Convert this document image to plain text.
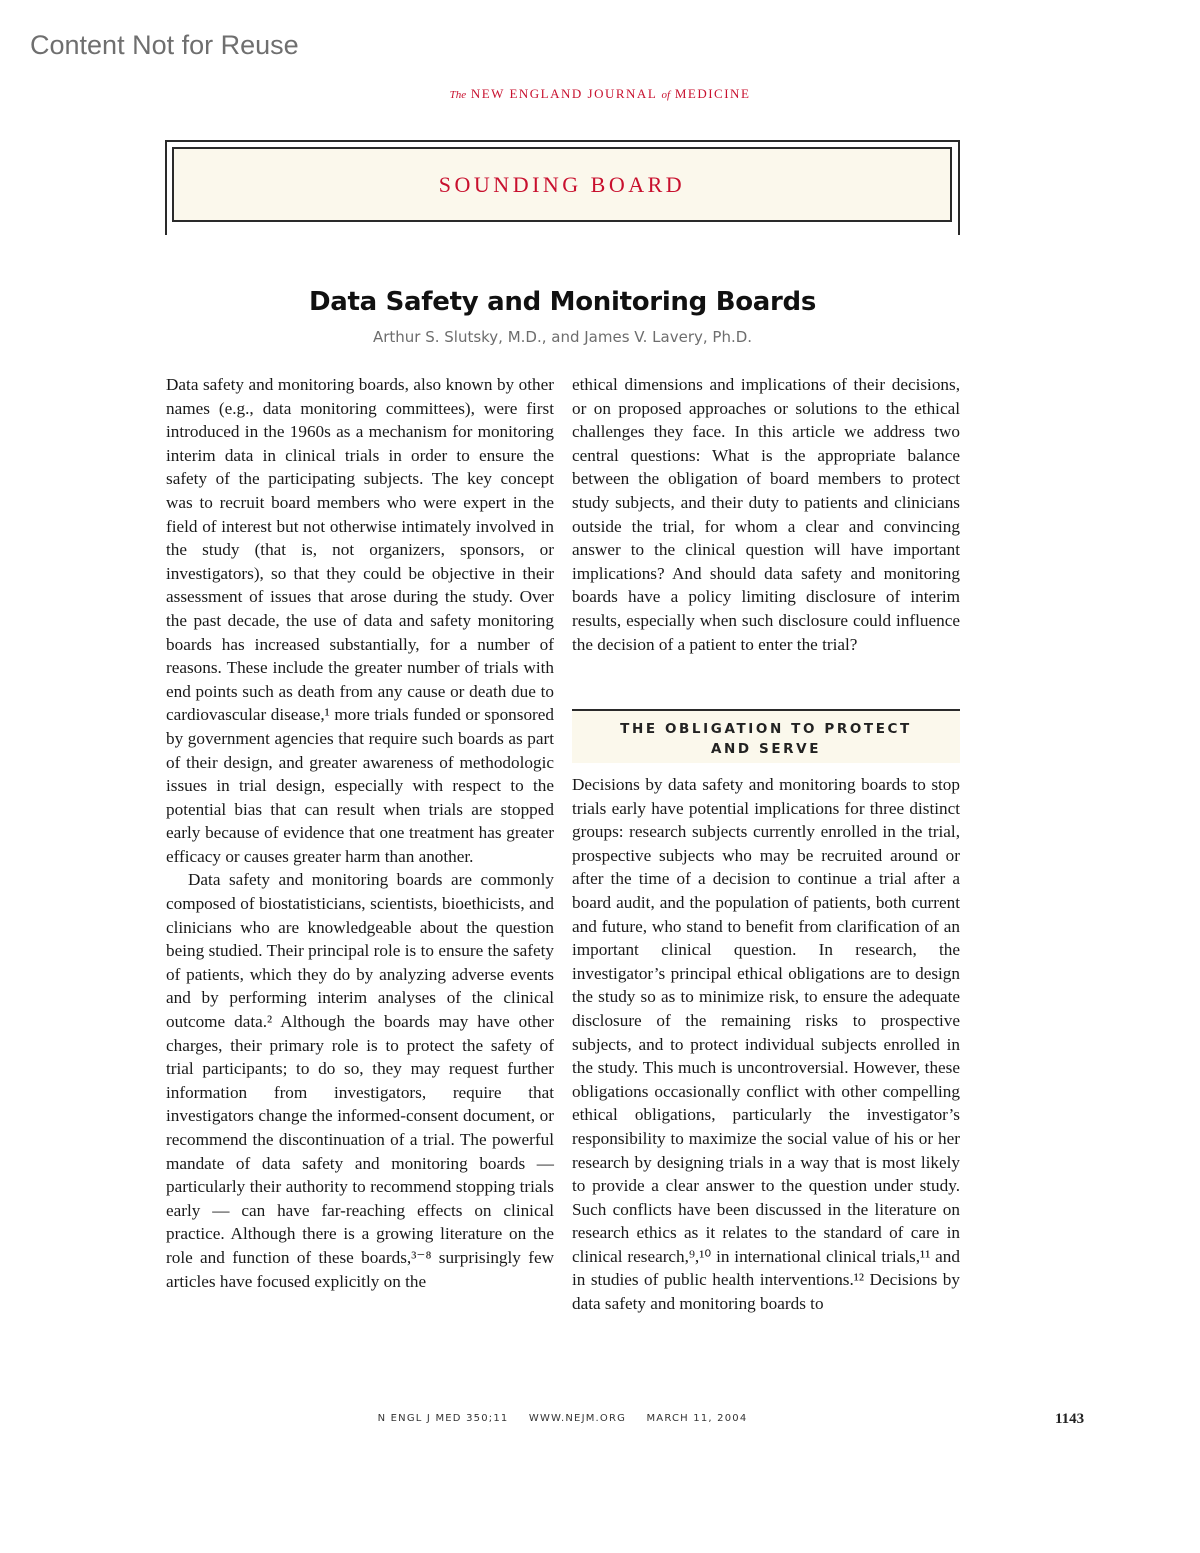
Content Not for Reuse
The NEW ENGLAND JOURNAL of MEDICINE
SOUNDING BOARD
Data Safety and Monitoring Boards
Arthur S. Slutsky, M.D., and James V. Lavery, Ph.D.

Data safety and monitoring boards, also known by other names (e.g., data monitoring committees), were first introduced in the 1960s as a mechanism for monitoring interim data in clinical trials in order to ensure the safety of the participating subjects. The key concept was to recruit board members who were expert in the field of interest but not otherwise intimately involved in the study (that is, not organizers, sponsors, or investigators), so that they could be objective in their assessment of issues that arose during the study. Over the past decade, the use of data and safety monitoring boards has increased substantially, for a number of reasons. These include the greater number of trials with end points such as death from any cause or death due to cardiovascular disease,¹ more trials funded or sponsored by government agencies that require such boards as part of their design, and greater awareness of methodologic issues in trial design, especially with respect to the potential bias that can result when trials are stopped early because of evidence that one treatment has greater efficacy or causes greater harm than another.

Data safety and monitoring boards are commonly composed of biostatisticians, scientists, bioethicists, and clinicians who are knowledgeable about the question being studied. Their principal role is to ensure the safety of patients, which they do by analyzing adverse events and by performing interim analyses of the clinical outcome data.² Although the boards may have other charges, their primary role is to protect the safety of trial participants; to do so, they may request further information from investigators, require that investigators change the informed-consent document, or recommend the discontinuation of a trial. The powerful mandate of data safety and monitoring boards — particularly their authority to recommend stopping trials early — can have far-reaching effects on clinical practice. Although there is a growing literature on the role and function of these boards,³⁻⁸ surprisingly few articles have focused explicitly on the

ethical dimensions and implications of their decisions, or on proposed approaches or solutions to the ethical challenges they face. In this article we address two central questions: What is the appropriate balance between the obligation of board members to protect study subjects, and their duty to patients and clinicians outside the trial, for whom a clear and convincing answer to the clinical question will have important implications? And should data safety and monitoring boards have a policy limiting disclosure of interim results, especially when such disclosure could influence the decision of a patient to enter the trial?

THE OBLIGATION TO PROTECT
AND SERVE

Decisions by data safety and monitoring boards to stop trials early have potential implications for three distinct groups: research subjects currently enrolled in the trial, prospective subjects who may be recruited around or after the time of a decision to continue a trial after a board audit, and the population of patients, both current and future, who stand to benefit from clarification of an important clinical question. In research, the investigator’s principal ethical obligations are to design the study so as to minimize risk, to ensure the adequate disclosure of the remaining risks to prospective subjects, and to protect individual subjects enrolled in the study. This much is uncontroversial. However, these obligations occasionally conflict with other compelling ethical obligations, particularly the investigator’s responsibility to maximize the social value of his or her research by designing trials in a way that is most likely to provide a clear answer to the question under study. Such conflicts have been discussed in the literature on research ethics as it relates to the standard of care in clinical research,⁹,¹⁰ in international clinical trials,¹¹ and in studies of public health interventions.¹² Decisions by data safety and monitoring boards to

N ENGL J MED 350;11 WWW.NEJM.ORG MARCH 11, 2004	1143
